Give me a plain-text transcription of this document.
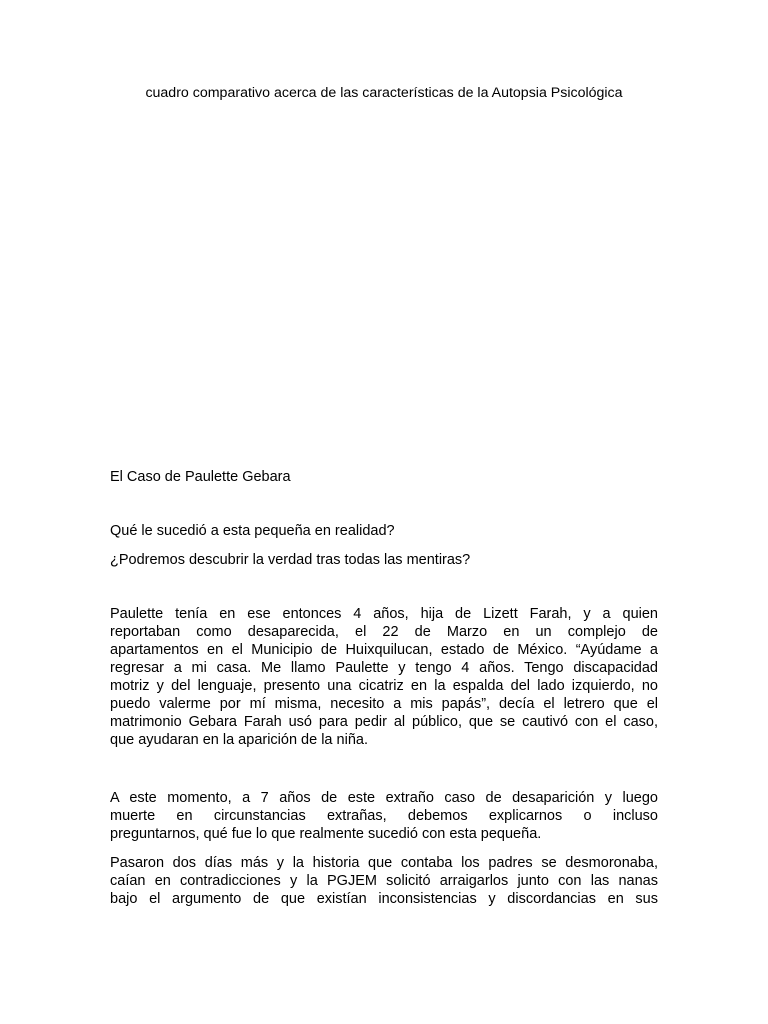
cuadro comparativo acerca de las características de la Autopsia Psicológica
El Caso de Paulette Gebara

Qué le sucedió a esta pequeña en realidad?

¿Podremos descubrir la verdad tras todas las mentiras?

Paulette tenía en ese entonces 4 años, hija de Lizett Farah, y a quien
reportaban como desaparecida, el 22 de Marzo en un complejo de
apartamentos en el Municipio de Huixquilucan, estado de México. “Ayúdame a
regresar a mi casa. Me llamo Paulette y tengo 4 años. Tengo discapacidad
motriz y del lenguaje, presento una cicatriz en la espalda del lado izquierdo, no
puedo valerme por mí misma, necesito a mis papás”, decía el letrero que el
matrimonio Gebara Farah usó para pedir al público, que se cautivó con el caso,
que ayudaran en la aparición de la niña.
A este momento, a 7 años de este extraño caso de desaparición y luego
muerte en circunstancias extrañas, debemos explicarnos o incluso
preguntarnos, qué fue lo que realmente sucedió con esta pequeña.
Pasaron dos días más y la historia que contaba los padres se desmoronaba,
caían en contradicciones y la PGJEM solicitó arraigarlos junto con las nanas
bajo el argumento de que existían inconsistencias y discordancias en sus
